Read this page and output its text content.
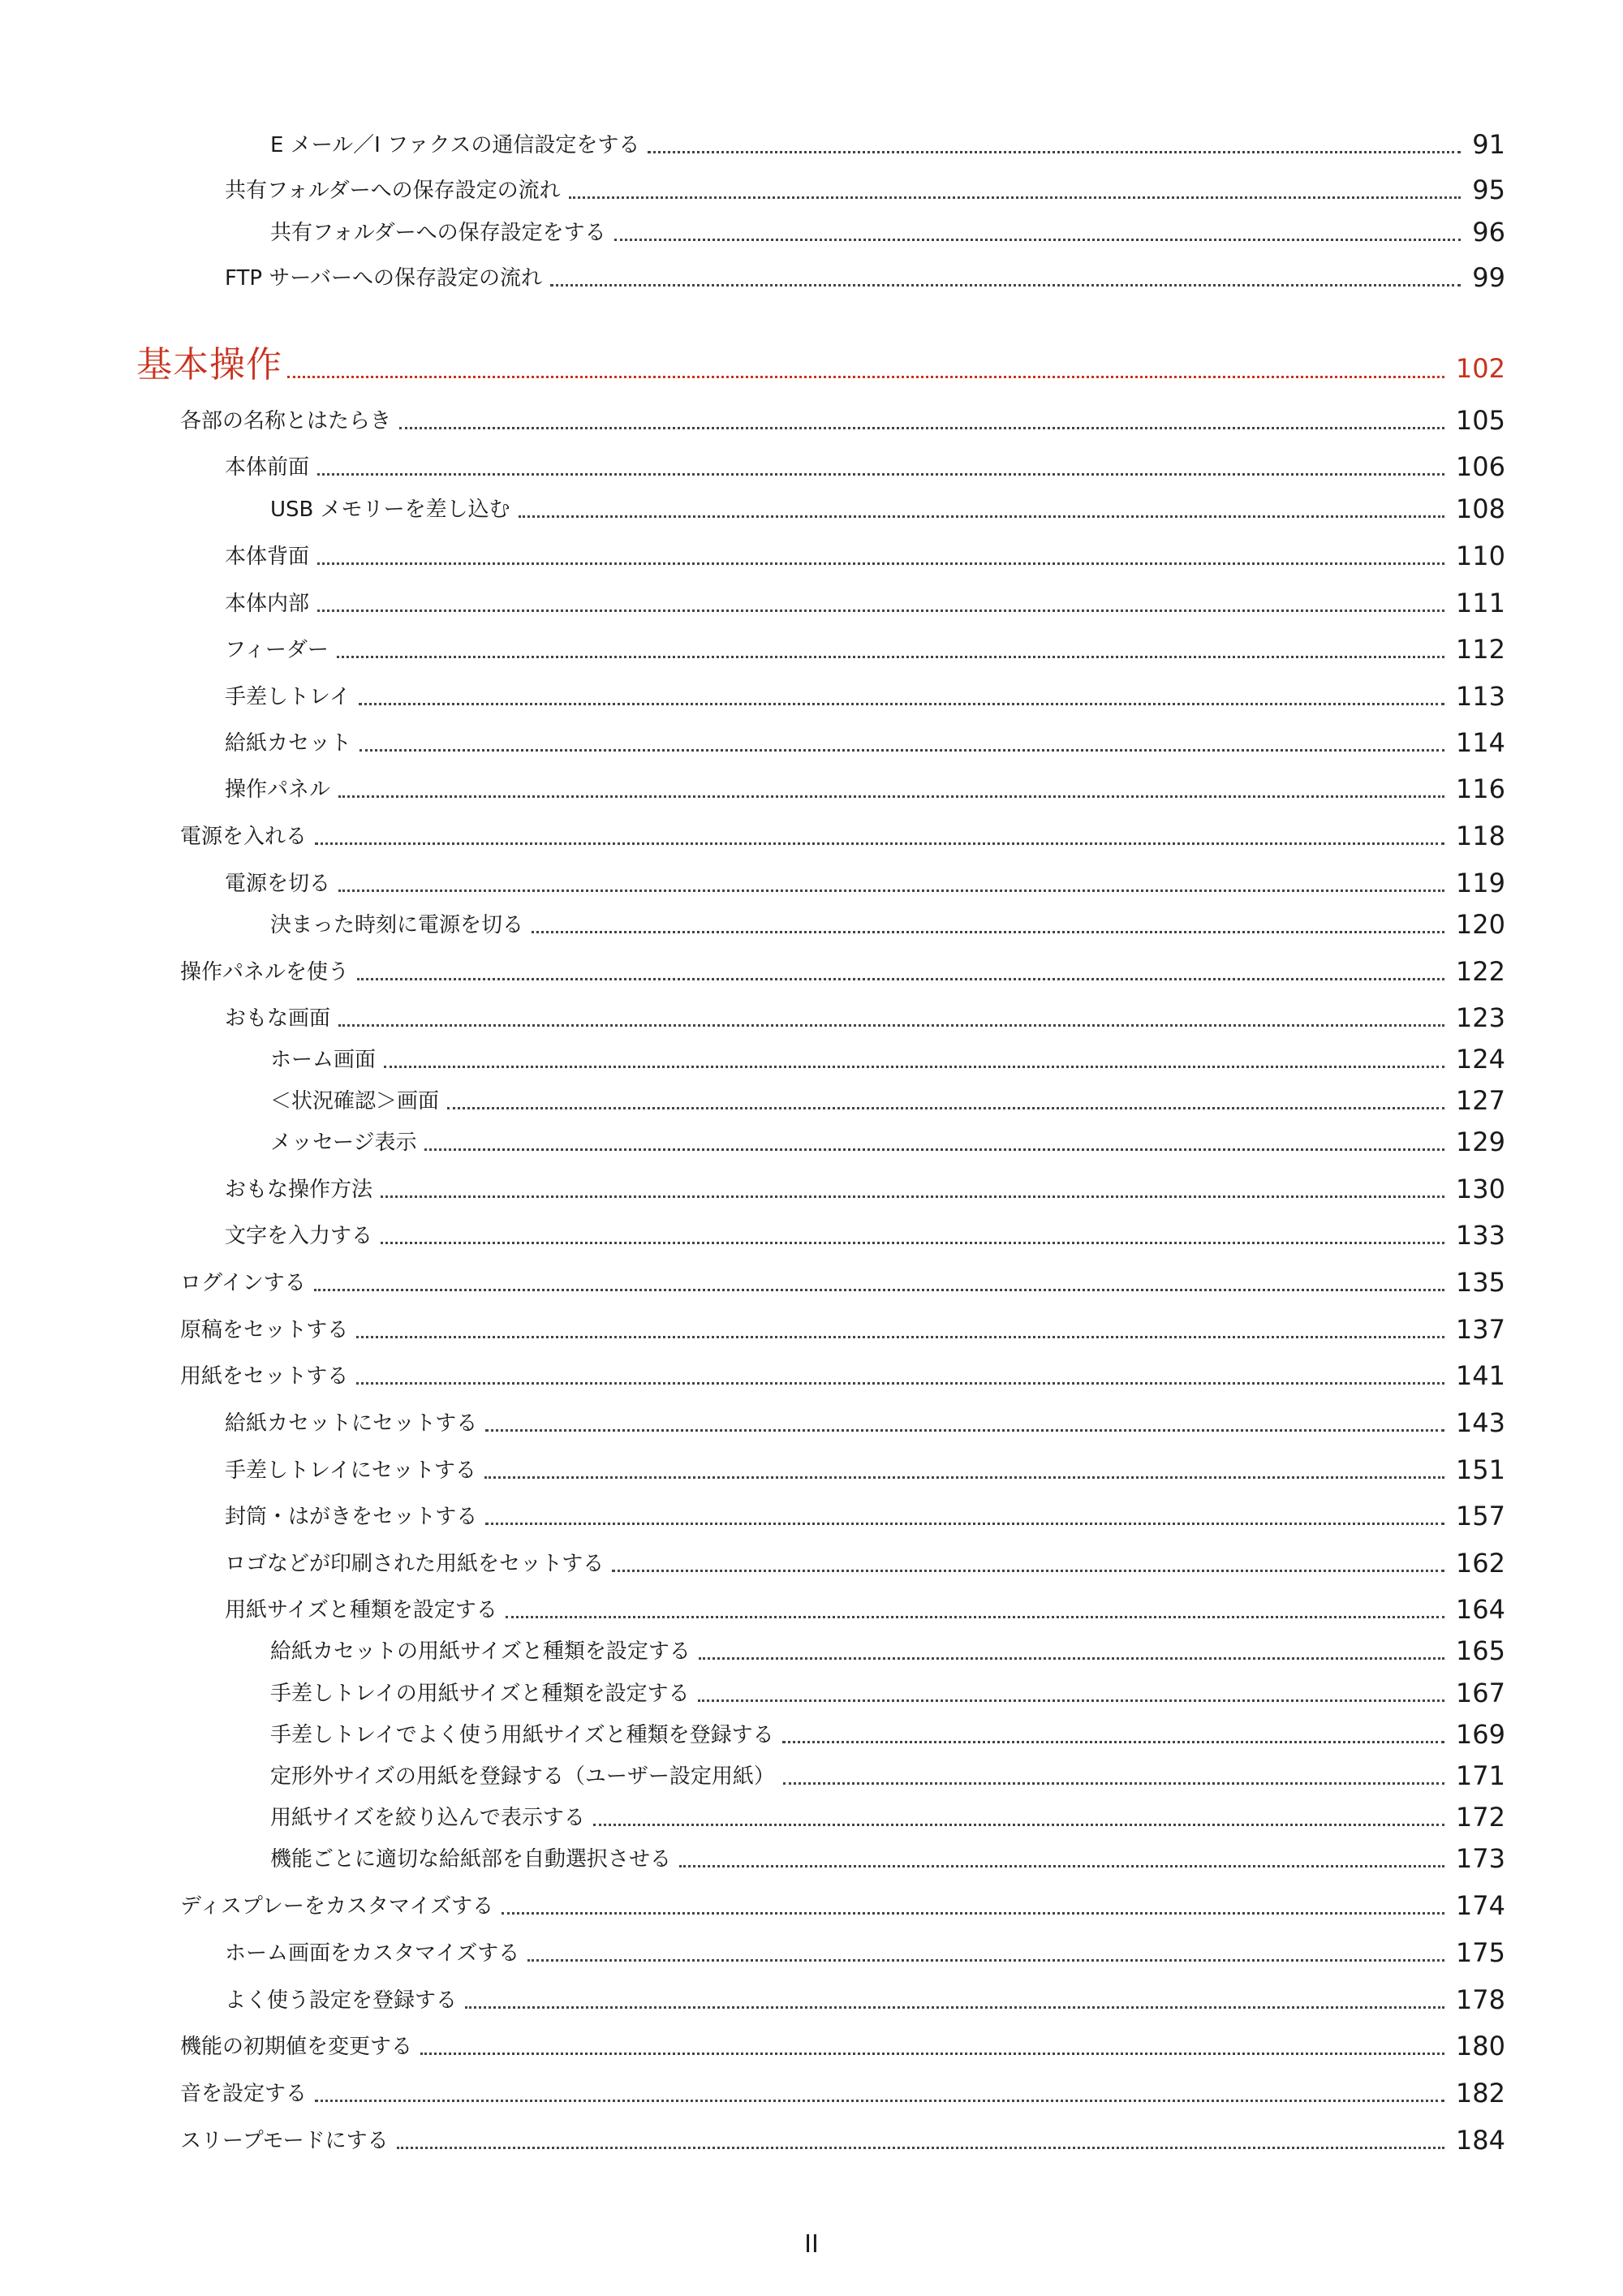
E メール／I ファクスの通信設定をする	91
共有フォルダーへの保存設定の流れ	95
共有フォルダーへの保存設定をする	96
FTP サーバーへの保存設定の流れ	99
基本操作	102
各部の名称とはたらき	105
本体前面	106
USB メモリーを差し込む	108
本体背面	110
本体内部	111
フィーダー	112
手差しトレイ	113
給紙カセット	114
操作パネル	116
電源を入れる	118
電源を切る	119
決まった時刻に電源を切る	120
操作パネルを使う	122
おもな画面	123
ホーム画面	124
＜状況確認＞画面	127
メッセージ表示	129
おもな操作方法	130
文字を入力する	133
ログインする	135
原稿をセットする	137
用紙をセットする	141
給紙カセットにセットする	143
手差しトレイにセットする	151
封筒・はがきをセットする	157
ロゴなどが印刷された用紙をセットする	162
用紙サイズと種類を設定する	164
給紙カセットの用紙サイズと種類を設定する	165
手差しトレイの用紙サイズと種類を設定する	167
手差しトレイでよく使う用紙サイズと種類を登録する	169
定形外サイズの用紙を登録する（ユーザー設定用紙）	171
用紙サイズを絞り込んで表示する	172
機能ごとに適切な給紙部を自動選択させる	173
ディスプレーをカスタマイズする	174
ホーム画面をカスタマイズする	175
よく使う設定を登録する	178
機能の初期値を変更する	180
音を設定する	182
スリープモードにする	184
II
